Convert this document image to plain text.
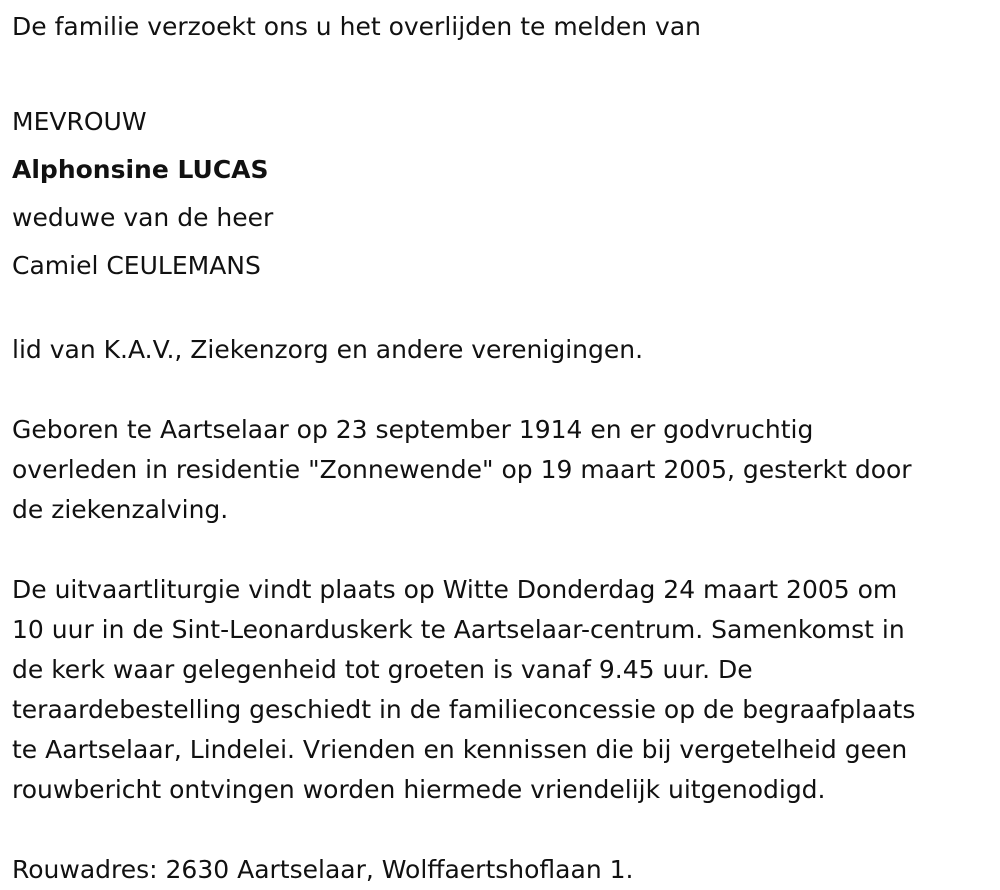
De familie verzoekt ons u het overlijden te melden van

MEVROUW

Alphonsine LUCAS

weduwe van de heer

Camiel CEULEMANS

lid van K.A.V., Ziekenzorg en andere verenigingen.

Geboren te Aartselaar op 23 september 1914 en er godvruchtig

overleden in residentie "Zonnewende" op 19 maart 2005, gesterkt door

de ziekenzalving.

De uitvaartliturgie vindt plaats op Witte Donderdag 24 maart 2005 om

10 uur in de Sint-Leonarduskerk te Aartselaar-centrum. Samenkomst in

de kerk waar gelegenheid tot groeten is vanaf 9.45 uur. De

teraardebestelling geschiedt in de familieconcessie op de begraafplaats

te Aartselaar, Lindelei. Vrienden en kennissen die bij vergetelheid geen

rouwbericht ontvingen worden hiermede vriendelijk uitgenodigd.

Rouwadres: 2630 Aartselaar, Wolffaertshoflaan 1.
